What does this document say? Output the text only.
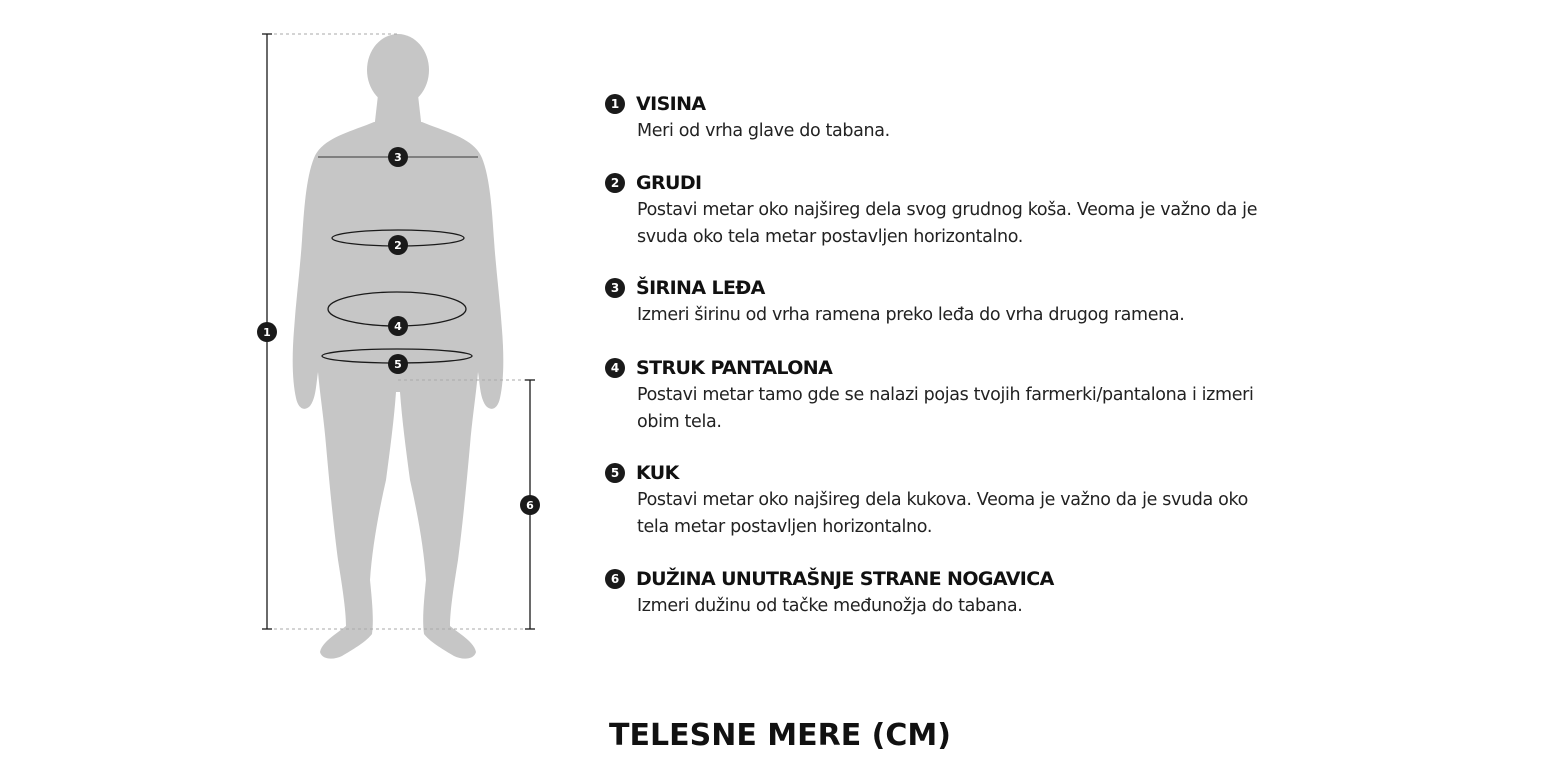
1
3
2
4
5
6
1 VISINA
Meri od vrha glave do tabana.
2 GRUDI
Postavi metar oko najšireg dela svog grudnog koša. Veoma je važno da je svuda oko tela metar postavljen horizontalno.
3 ŠIRINA LEĐA
Izmeri širinu od vrha ramena preko leđa do vrha drugog ramena.
4 STRUK PANTALONA
Postavi metar tamo gde se nalazi pojas tvojih farmerki/pantalona i izmeri obim tela.
5 KUK
Postavi metar oko najšireg dela kukova. Veoma je važno da je svuda oko tela metar postavljen horizontalno.
6 DUŽINA UNUTRAŠNJE STRANE NOGAVICA
Izmeri dužinu od tačke međunožja do tabana.
TELESNE MERE (CM)
